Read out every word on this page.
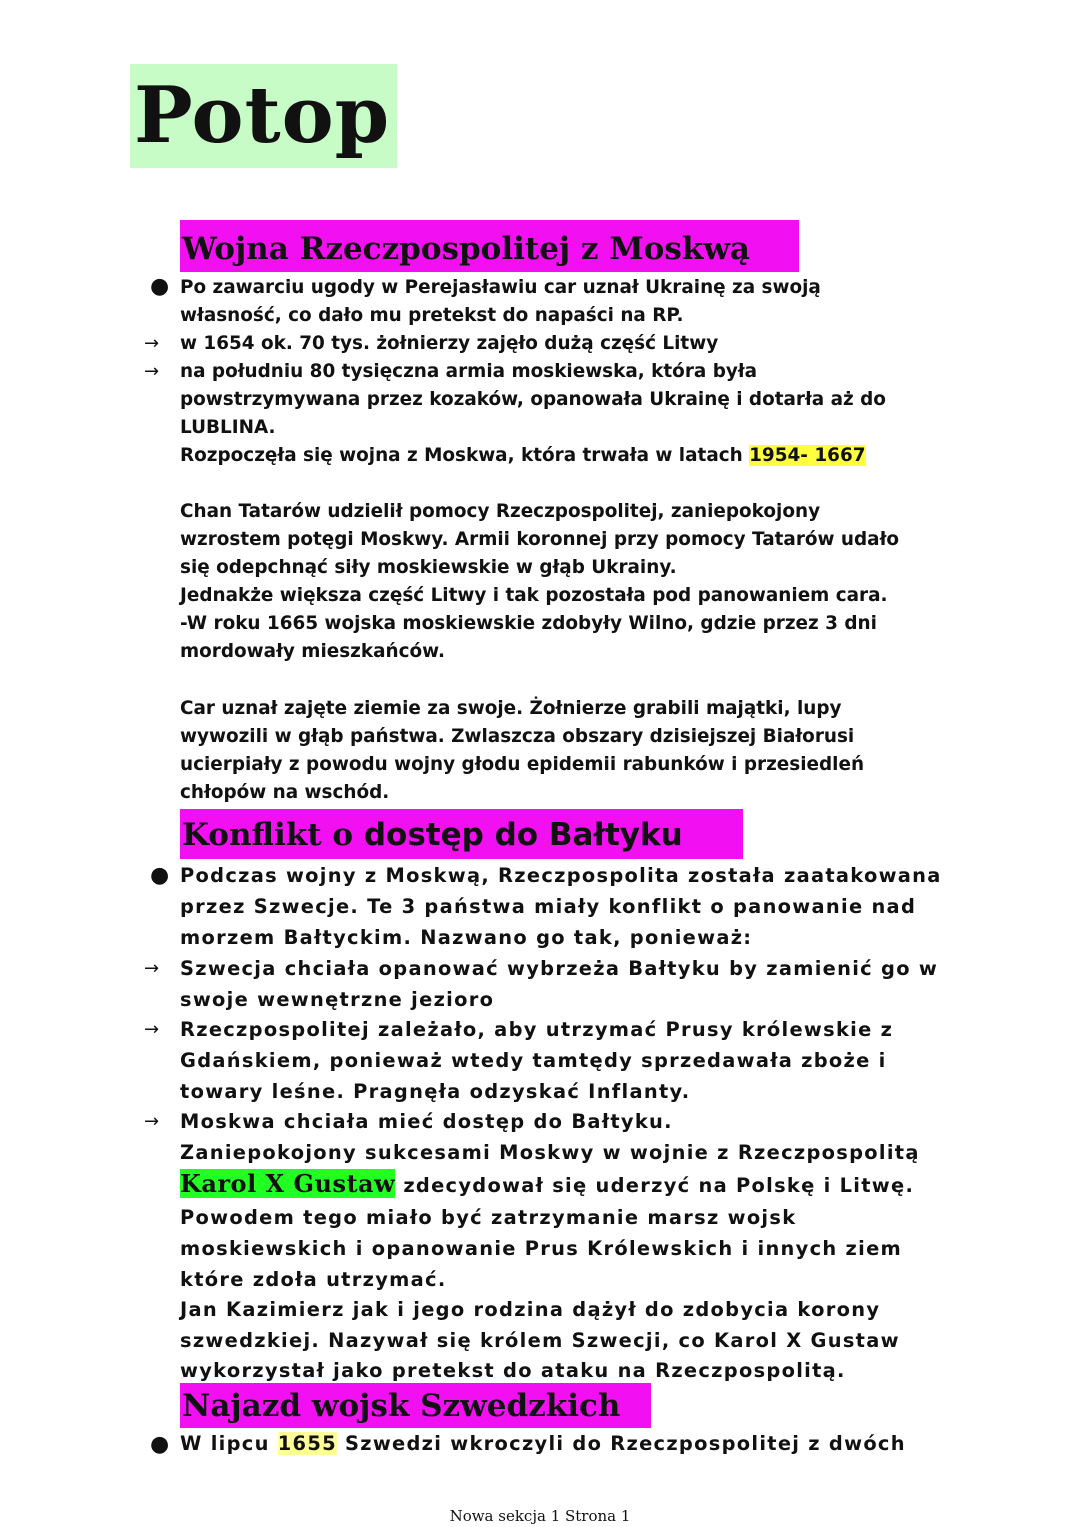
Potop
Wojna Rzeczpospolitej z Moskwą
● Po zawarciu ugody w Perejasławiu car uznał Ukrainę za swoją
własność, co dało mu pretekst do napaści na RP.
→ w 1654 ok. 70 tys. żołnierzy zajęło dużą część Litwy
→ na południu 80 tysięczna armia moskiewska, która była
powstrzymywana przez kozaków, opanowała Ukrainę i dotarła aż do
LUBLINA.
Rozpoczęła się wojna z Moskwa, która trwała w latach 1954- 1667
Chan Tatarów udzielił pomocy Rzeczpospolitej, zaniepokojony
wzrostem potęgi Moskwy. Armii koronnej przy pomocy Tatarów udało
się odepchnąć siły moskiewskie w głąb Ukrainy.
Jednakże większa część Litwy i tak pozostała pod panowaniem cara.
-W roku 1665 wojska moskiewskie zdobyły Wilno, gdzie przez 3 dni
mordowały mieszkańców.
Car uznał zajęte ziemie za swoje. Żołnierze grabili majątki, lupy
wywozili w głąb państwa. Zwlaszcza obszary dzisiejszej Białorusi
ucierpiały z powodu wojny głodu epidemii rabunków i przesiedleń
chłopów na wschód.
Konflikt o dostęp do Bałtyku
● Podczas wojny z Moskwą, Rzeczpospolita została zaatakowana
przez Szwecje. Te 3 państwa miały konflikt o panowanie nad
morzem Bałtyckim. Nazwano go tak, ponieważ:
→ Szwecja chciała opanować wybrzeża Bałtyku by zamienić go w
swoje wewnętrzne jezioro
→ Rzeczpospolitej zależało, aby utrzymać Prusy królewskie z
Gdańskiem, ponieważ wtedy tamtędy sprzedawała zboże i
towary leśne. Pragnęła odzyskać Inflanty.
→ Moskwa chciała mieć dostęp do Bałtyku.
Zaniepokojony sukcesami Moskwy w wojnie z Rzeczpospolitą
Karol X Gustaw zdecydował się uderzyć na Polskę i Litwę.
Powodem tego miało być zatrzymanie marsz wojsk
moskiewskich i opanowanie Prus Królewskich i innych ziem
które zdoła utrzymać.
Jan Kazimierz jak i jego rodzina dążył do zdobycia korony
szwedzkiej. Nazywał się królem Szwecji, co Karol X Gustaw
wykorzystał jako pretekst do ataku na Rzeczpospolitą.
Najazd wojsk Szwedzkich
● W lipcu 1655 Szwedzi wkroczyli do Rzeczpospolitej z dwóch
Nowa sekcja 1 Strona 1
